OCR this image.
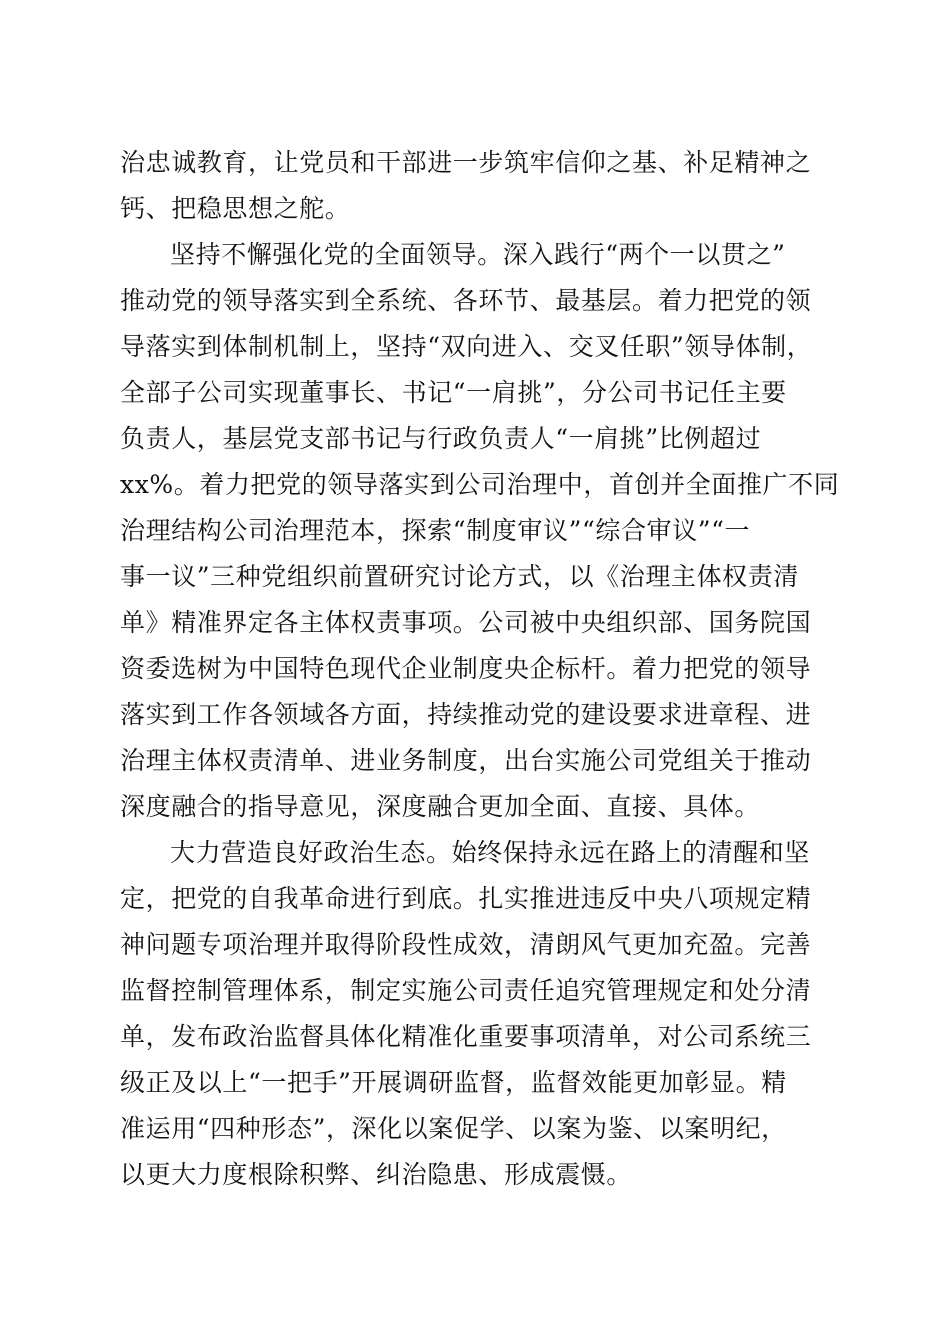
治忠诚教育，让党员和干部进一步筑牢信仰之基、补足精神之
钙、把稳思想之舵。
坚持不懈强化党的全面领导。深入践行“两个一以贯之”
推动党的领导落实到全系统、各环节、最基层。着力把党的领
导落实到体制机制上，坚持“双向进入、交叉任职”领导体制，
全部子公司实现董事长、书记“一肩挑”，分公司书记任主要
负责人，基层党支部书记与行政负责人“一肩挑”比例超过
xx%。着力把党的领导落实到公司治理中，首创并全面推广不同
治理结构公司治理范本，探索“制度审议”“综合审议”“一
事一议”三种党组织前置研究讨论方式，以《治理主体权责清
单》精准界定各主体权责事项。公司被中央组织部、国务院国
资委选树为中国特色现代企业制度央企标杆。着力把党的领导
落实到工作各领域各方面，持续推动党的建设要求进章程、进
治理主体权责清单、进业务制度，出台实施公司党组关于推动
深度融合的指导意见，深度融合更加全面、直接、具体。
大力营造良好政治生态。始终保持永远在路上的清醒和坚
定，把党的自我革命进行到底。扎实推进违反中央八项规定精
神问题专项治理并取得阶段性成效，清朗风气更加充盈。完善
监督控制管理体系，制定实施公司责任追究管理规定和处分清
单，发布政治监督具体化精准化重要事项清单，对公司系统三
级正及以上“一把手”开展调研监督，监督效能更加彰显。精
准运用“四种形态”，深化以案促学、以案为鉴、以案明纪，
以更大力度根除积弊、纠治隐患、形成震慑。
